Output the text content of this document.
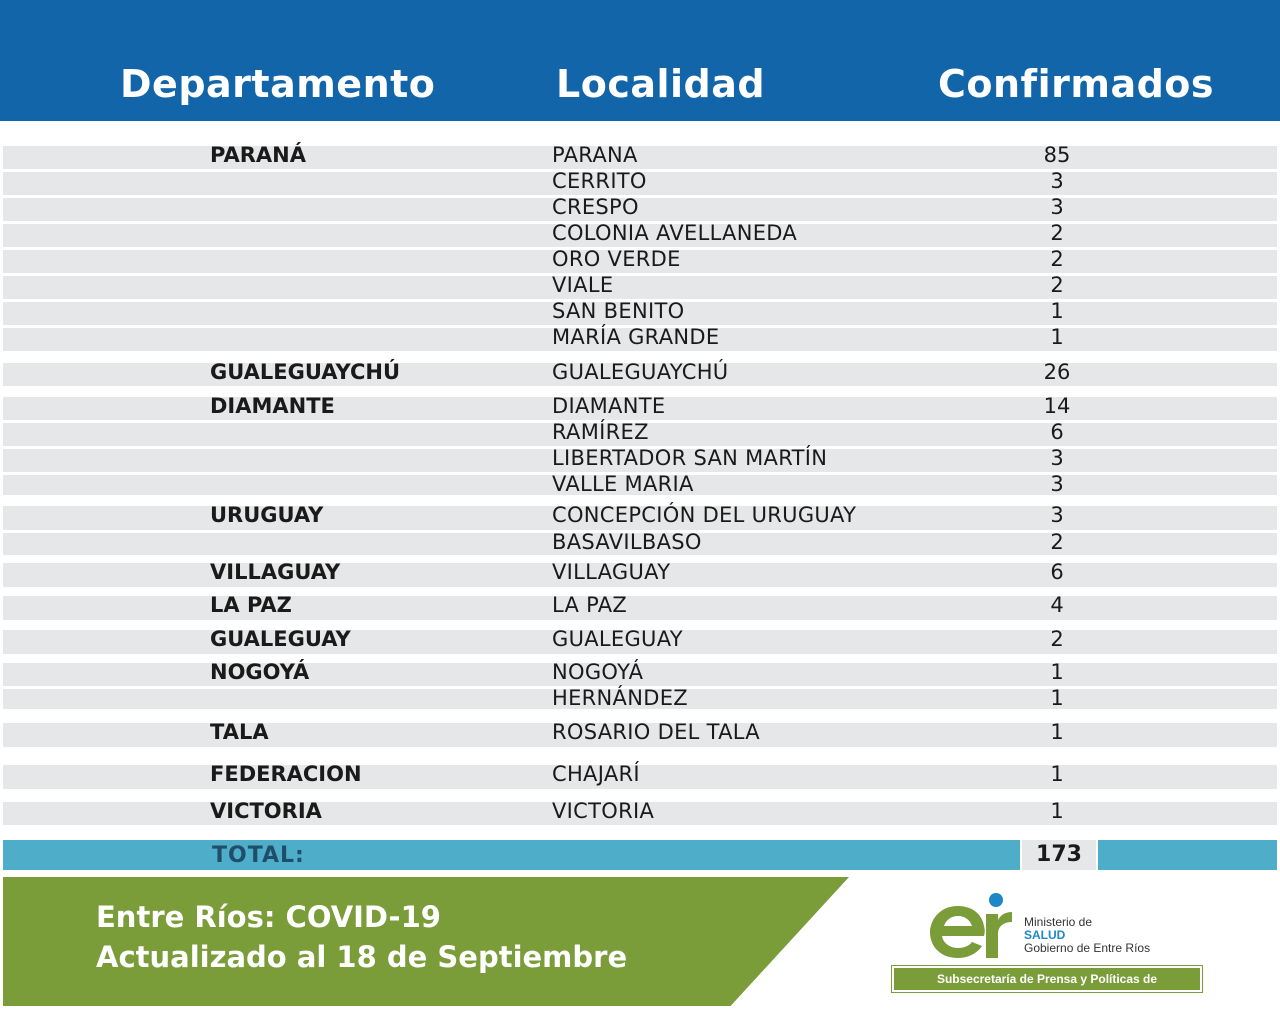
Departamento	Localidad	Confirmados
PARANÁ	PARANA	85
CERRITO	3
CRESPO	3
COLONIA AVELLANEDA	2
ORO VERDE	2
VIALE	2
SAN BENITO	1
MARÍA GRANDE	1
GUALEGUAYCHÚ	GUALEGUAYCHÚ	26
DIAMANTE	DIAMANTE	14
RAMÍREZ	6
LIBERTADOR SAN MARTÍN	3
VALLE MARIA	3
URUGUAY	CONCEPCIÓN DEL URUGUAY	3
BASAVILBASO	2
VILLAGUAY	VILLAGUAY	6
LA PAZ	LA PAZ	4
GUALEGUAY	GUALEGUAY	2
NOGOYÁ	NOGOYÁ	1
HERNÁNDEZ	1
TALA	ROSARIO DEL TALA	1
FEDERACION	CHAJARÍ	1
VICTORIA	VICTORIA	1
TOTAL:	173
Entre Ríos: COVID-19
Actualizado al 18 de Septiembre
Ministerio de
SALUD
Gobierno de Entre Ríos
Subsecretaría de Prensa y Políticas de Comunicación
